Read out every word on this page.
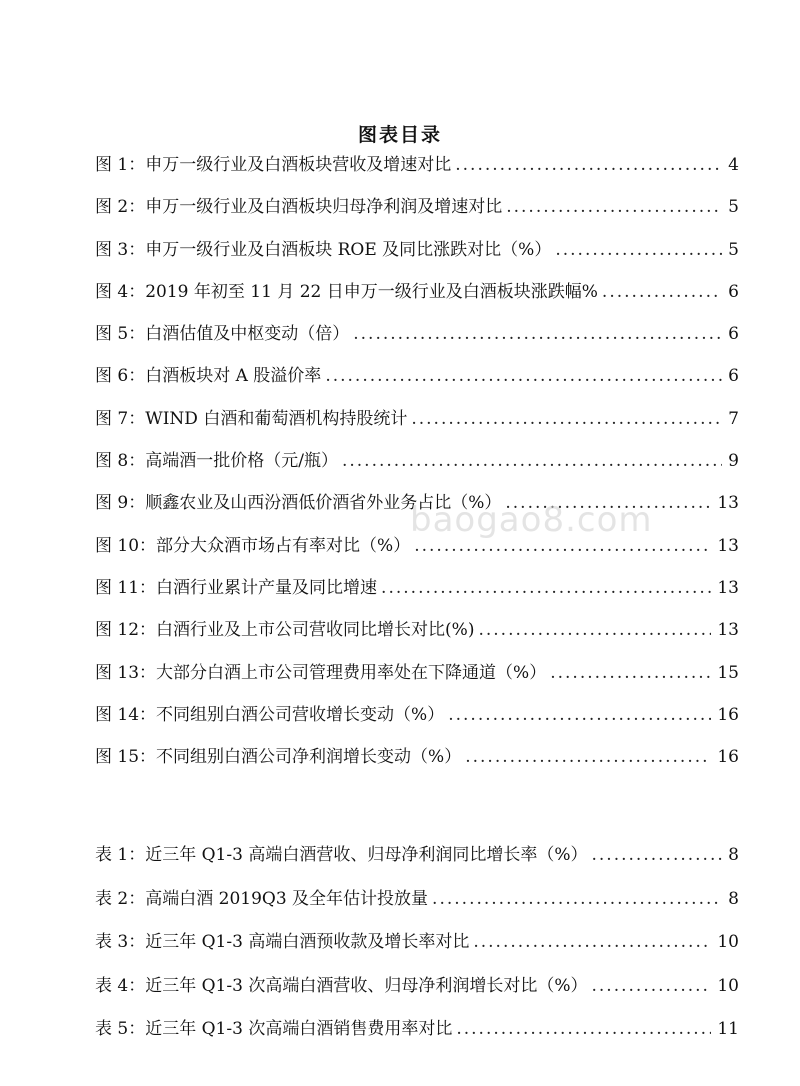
图表目录
图 1：申万一级行业及白酒板块营收及增速对比 .....	4
图 2：申万一级行业及白酒板块归母净利润及增速对比 .....	5
图 3：申万一级行业及白酒板块 ROE 及同比涨跌对比（%） .....	5
图 4：2019 年初至 11 月 22 日申万一级行业及白酒板块涨跌幅% .....	6
图 5：白酒估值及中枢变动（倍） .....	6
图 6：白酒板块对 A 股溢价率 .....	6
图 7：WIND 白酒和葡萄酒机构持股统计 .....	7
图 8：高端酒一批价格（元/瓶） .....	9
图 9：顺鑫农业及山西汾酒低价酒省外业务占比（%） .....	13
图 10：部分大众酒市场占有率对比（%） .....	13
图 11：白酒行业累计产量及同比增速 .....	13
图 12：白酒行业及上市公司营收同比增长对比(%) .....	13
图 13：大部分白酒上市公司管理费用率处在下降通道（%） .....	15
图 14：不同组别白酒公司营收增长变动（%） .....	16
图 15：不同组别白酒公司净利润增长变动（%） .....	16
表 1：近三年 Q1-3 高端白酒营收、归母净利润同比增长率（%） .....	8
表 2：高端白酒 2019Q3 及全年估计投放量 .....	8
表 3：近三年 Q1-3 高端白酒预收款及增长率对比 .....	10
表 4：近三年 Q1-3 次高端白酒营收、归母净利润增长对比（%） .....	10
表 5：近三年 Q1-3 次高端白酒销售费用率对比 .....	11
baogao8.com
